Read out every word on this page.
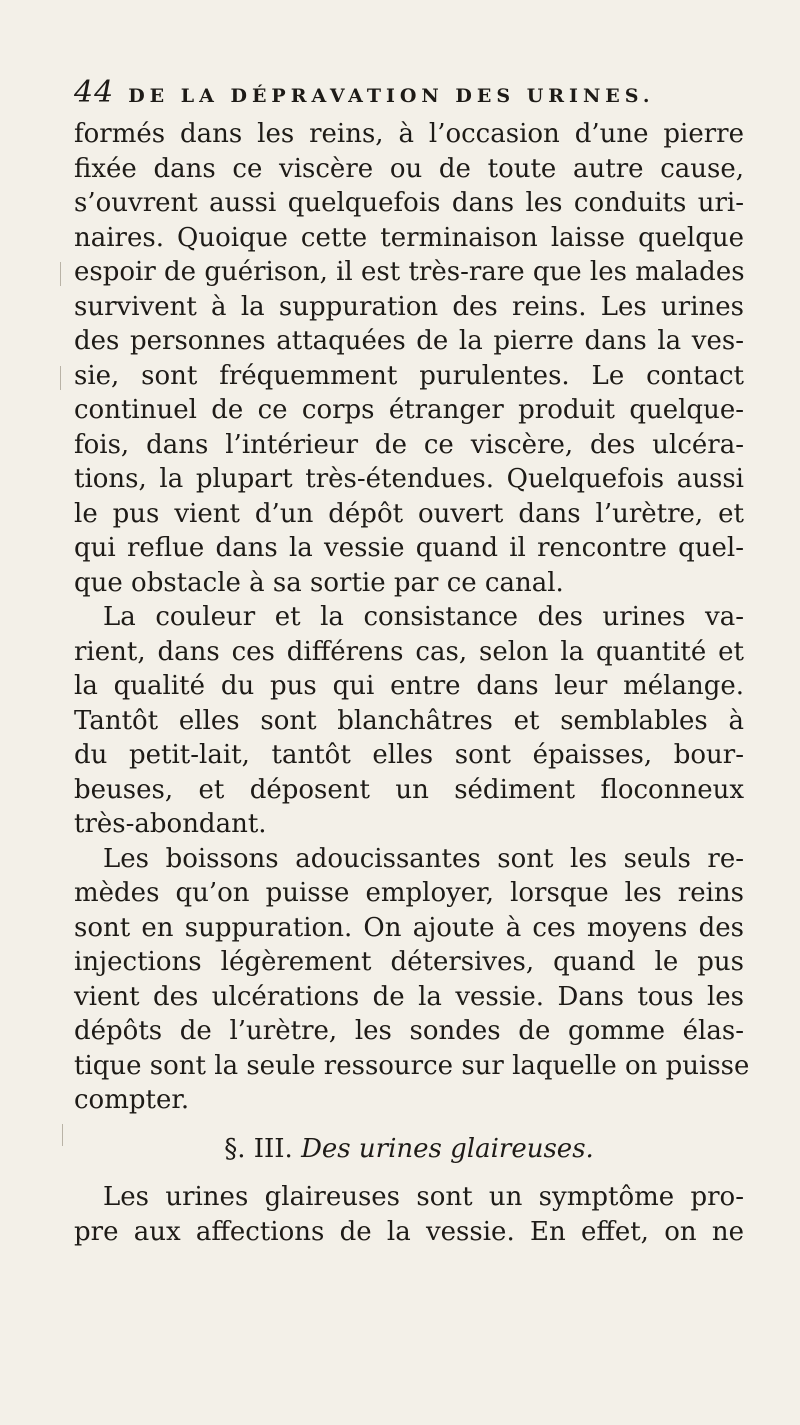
44 DE LA DÉPRAVATION DES URINES.
formés dans les reins, à l’occasion d’une pierre
fixée dans ce viscère ou de toute autre cause,
s’ouvrent aussi quelquefois dans les conduits uri-
naires. Quoique cette terminaison laisse quelque
espoir de guérison, il est très-rare que les malades
survivent à la suppuration des reins. Les urines
des personnes attaquées de la pierre dans la ves-
sie, sont fréquemment purulentes. Le contact
continuel de ce corps étranger produit quelque-
fois, dans l’intérieur de ce viscère, des ulcéra-
tions, la plupart très-étendues. Quelquefois aussi
le pus vient d’un dépôt ouvert dans l’urètre, et
qui reflue dans la vessie quand il rencontre quel-
que obstacle à sa sortie par ce canal.
La couleur et la consistance des urines va-
rient, dans ces différens cas, selon la quantité et
la qualité du pus qui entre dans leur mélange.
Tantôt elles sont blanchâtres et semblables à
du petit-lait, tantôt elles sont épaisses, bour-
beuses, et déposent un sédiment floconneux
très-abondant.
Les boissons adoucissantes sont les seuls re-
mèdes qu’on puisse employer, lorsque les reins
sont en suppuration. On ajoute à ces moyens des
injections légèrement détersives, quand le pus
vient des ulcérations de la vessie. Dans tous les
dépôts de l’urètre, les sondes de gomme élas-
tique sont la seule ressource sur laquelle on puisse
compter.
§. III. Des urines glaireuses.
Les urines glaireuses sont un symptôme pro-
pre aux affections de la vessie. En effet, on ne
